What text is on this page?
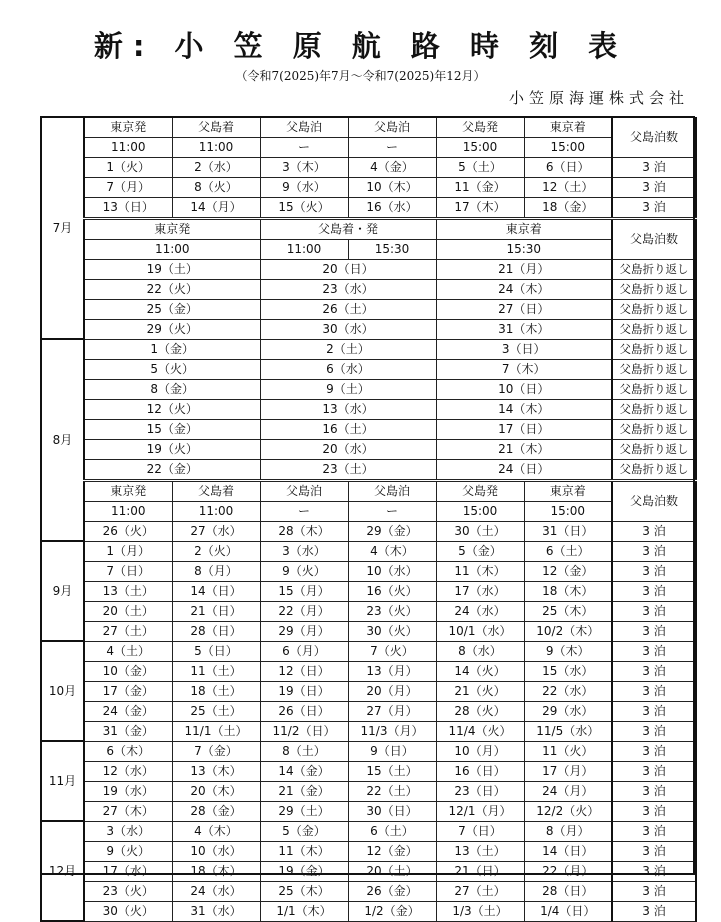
新: 小 笠 原 航 路 時 刻 表
（令和7(2025)年7月～令和7(2025)年12月）
小笠原海運株式会社
7月	東京発	父島着	父島泊	父島泊	父島発	東京着	父島泊数
	11:00	11:00	ー	ー	15:00	15:00	
	1（火）	2（水）	3（木）	4（金）	5（土）	6（日）	3 泊
	7（月）	8（火）	9（水）	10（木）	11（金）	12（土）	3 泊
	13（日）	14（月）	15（火）	16（水）	17（木）	18（金）	3 泊
	東京発		父島着・発		東京着		父島泊数
	11:00		11:00	15:30	15:30		
	19（土）		20（日）		21（月）		父島折り返し
	22（火）		23（水）		24（木）		父島折り返し
	25（金）		26（土）		27（日）		父島折り返し
	29（火）		30（水）		31（木）		父島折り返し
8月	1（金）		2（土）		3（日）		父島折り返し
	5（火）		6（水）		7（木）		父島折り返し
	8（金）		9（土）		10（日）		父島折り返し
	12（火）		13（水）		14（木）		父島折り返し
	15（金）		16（土）		17（日）		父島折り返し
	19（火）		20（水）		21（木）		父島折り返し
	22（金）		23（土）		24（日）		父島折り返し
	東京発	父島着	父島泊	父島泊	父島発	東京着	父島泊数
	11:00	11:00	ー	ー	15:00	15:00	
	26（火）	27（水）	28（木）	29（金）	30（土）	31（日）	3 泊
9月	1（月）	2（火）	3（水）	4（木）	5（金）	6（土）	3 泊
	7（日）	8（月）	9（火）	10（水）	11（木）	12（金）	3 泊
	13（土）	14（日）	15（月）	16（火）	17（水）	18（木）	3 泊
	20（土）	21（日）	22（月）	23（火）	24（水）	25（木）	3 泊
	27（土）	28（日）	29（月）	30（火）	10/1（水）	10/2（木）	3 泊
10月	4（土）	5（日）	6（月）	7（火）	8（水）	9（木）	3 泊
	10（金）	11（土）	12（日）	13（月）	14（火）	15（水）	3 泊
	17（金）	18（土）	19（日）	20（月）	21（火）	22（水）	3 泊
	24（金）	25（土）	26（日）	27（月）	28（火）	29（水）	3 泊
	31（金）	11/1（土）	11/2（日）	11/3（月）	11/4（火）	11/5（水）	3 泊
11月	6（木）	7（金）	8（土）	9（日）	10（月）	11（火）	3 泊
	12（水）	13（木）	14（金）	15（土）	16（日）	17（月）	3 泊
	19（水）	20（木）	21（金）	22（土）	23（日）	24（月）	3 泊
	27（木）	28（金）	29（土）	30（日）	12/1（月）	12/2（火）	3 泊
12月	3（水）	4（木）	5（金）	6（土）	7（日）	8（月）	3 泊
	9（火）	10（水）	11（木）	12（金）	13（土）	14（日）	3 泊
	17（水）	18（木）	19（金）	20（土）	21（日）	22（月）	3 泊
	23（火）	24（水）	25（木）	26（金）	27（土）	28（日）	3 泊
	30（火）	31（水）	1/1（木）	1/2（金）	1/3（土）	1/4（日）	3 泊
